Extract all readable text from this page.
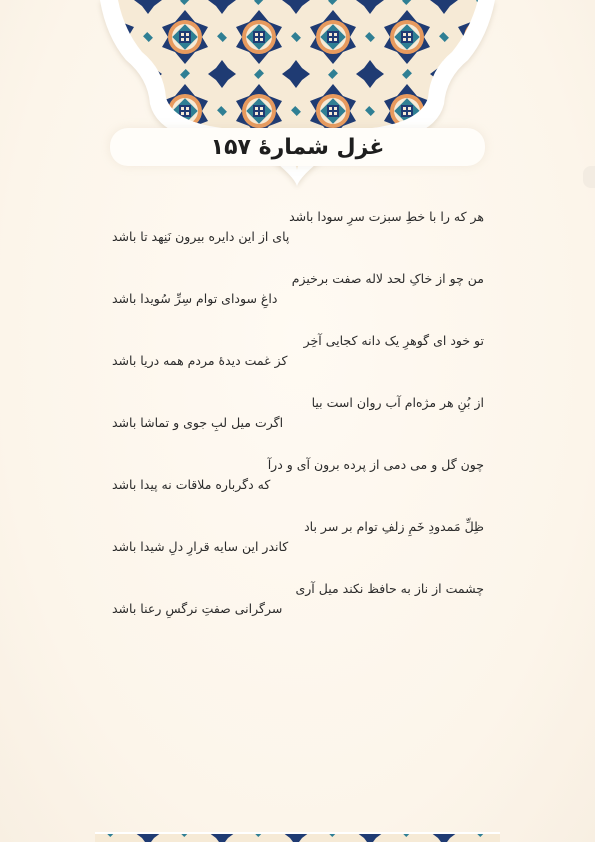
غزل شمارهٔ ۱۵۷
هر که را با خطِ سبزت سرِ سودا باشد
پای از این دایره بیرون نَنِهد تا باشد
من چو از خاکِ لحد لاله صفت برخیزم
داغِ سودای توام سِرِّ سُویدا باشد
تو خود ای گوهرِ یک دانه کجایی آخِر
کز غمت دیدهٔ مردم همه دریا باشد
از بُنِ هر مژه‌ام آب روان است بیا
اگرت میل لبِ جوی و تماشا باشد
چون گل و می دمی از پرده برون آی و درآ
که دگرباره ملاقات نه پیدا باشد
ظِلِّ مَمدودِ خَمِ زلفِ توام بر سر باد
کاندر این سایه قرارِ دلِ شیدا باشد
چشمت از ناز به حافظ نکند میل آری
سرگرانی صفتِ نرگسِ رعنا باشد
